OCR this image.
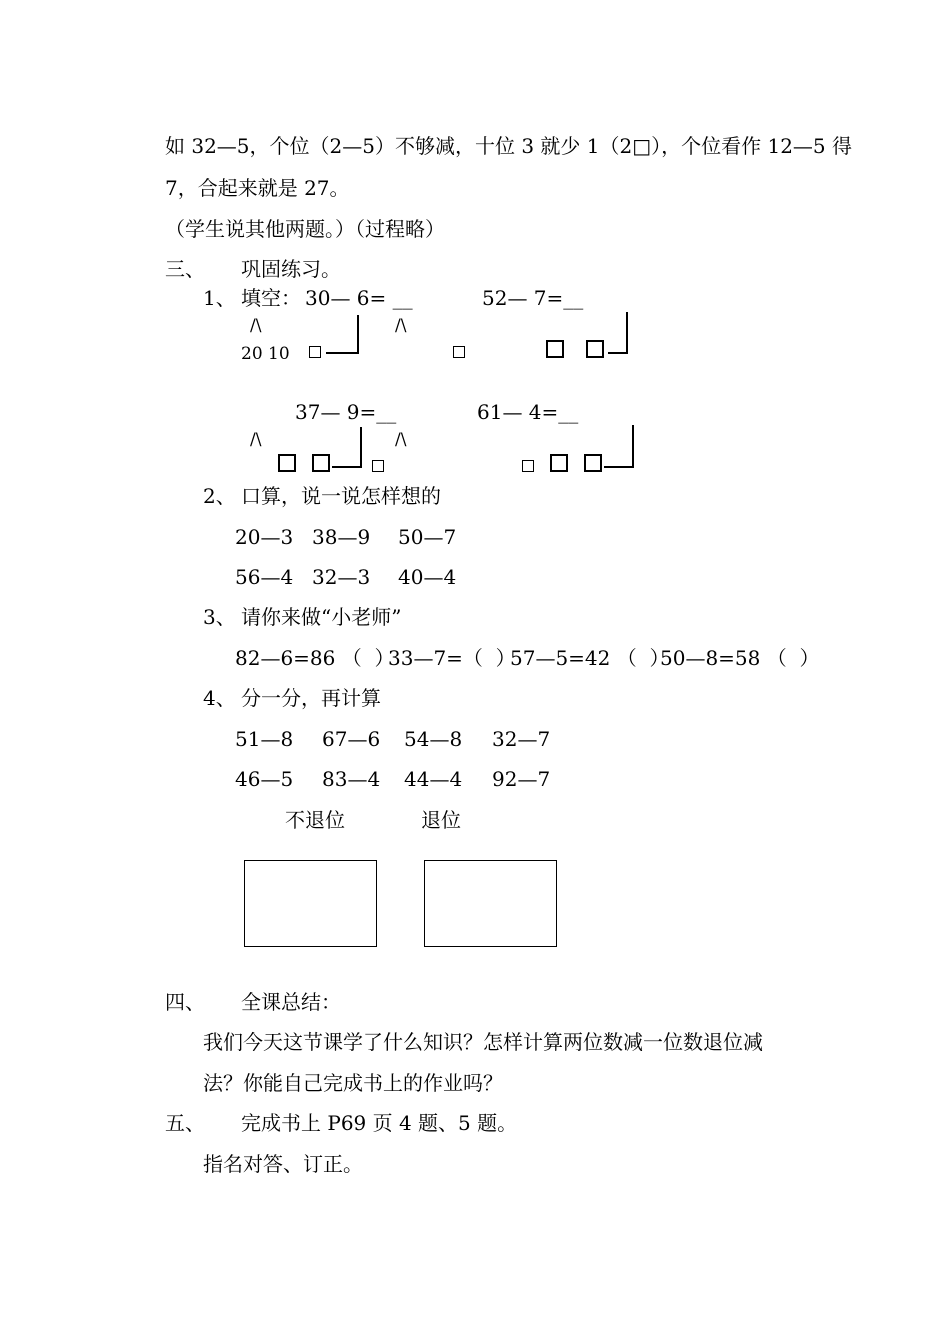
如 32—5，个位（2—5）不够减，十位 3 就少 1（2□），个位看作 12—5 得
7，合起来就是 27。
（学生说其他两题。）（过程略）
三、 巩固练习。
1、 填空： 30— 6= __	52— 7=__
/\	/\
20 10
37— 9=__	61— 4=__
/\	/\
2、 口算，说一说怎样想的
20—3 38—9 50—7
56—4 32—3 40—4
3、 请你来做“小老师”
82—6=86 （  ）
33—7=（  ）
57—5=42 （  ）
50—8=58 （  ）
4、 分一分，再计算
51—8 67—6 54—8 32—7
46—5 83—4 44—4 92—7
不退位	退位
四、 全课总结：
我们今天这节课学了什么知识？怎样计算两位数减一位数退位减
法？你能自己完成书上的作业吗？
五、 完成书上 P69 页 4 题、5 题。
指名对答、订正。
